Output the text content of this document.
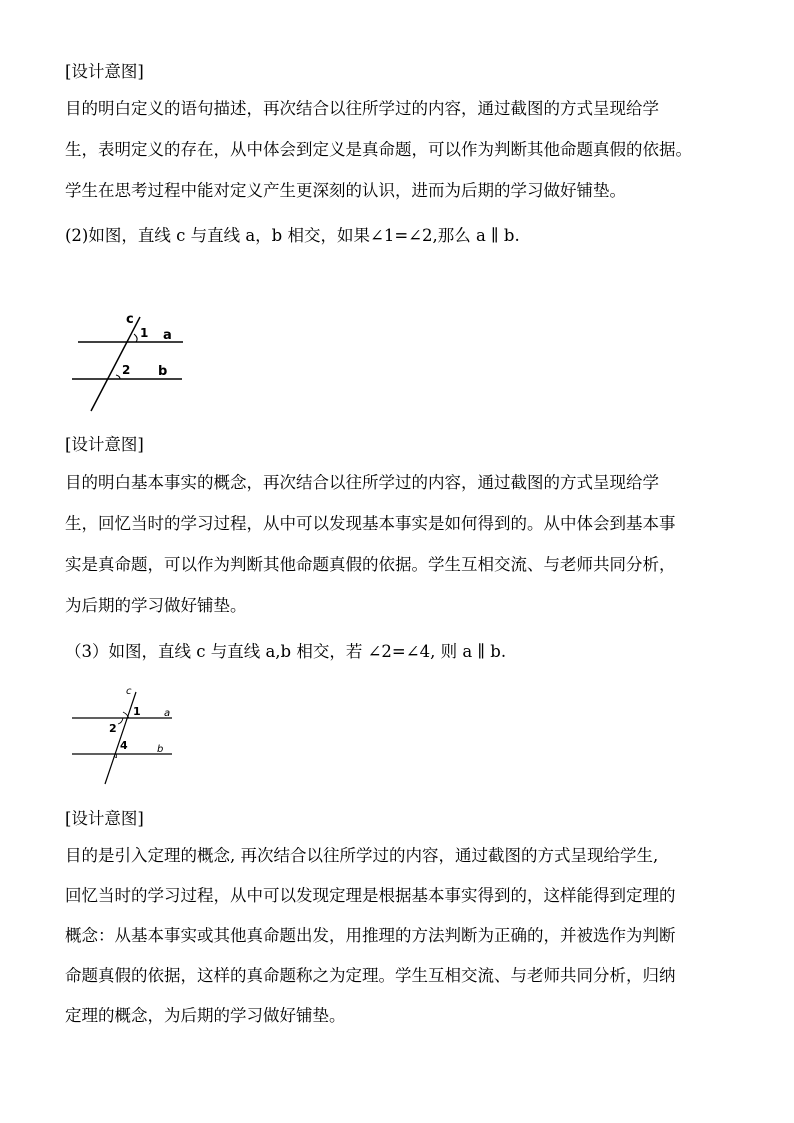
[设计意图]
目的明白定义的语句描述，再次结合以往所学过的内容，通过截图的方式呈现给学
生，表明定义的存在，从中体会到定义是真命题，可以作为判断其他命题真假的依据。
学生在思考过程中能对定义产生更深刻的认识，进而为后期的学习做好铺垫。
(2)如图，直线 c 与直线 a，b 相交，如果∠1=∠2,那么 a ∥ b.
c
1 a
2 b
[设计意图]
目的明白基本事实的概念，再次结合以往所学过的内容，通过截图的方式呈现给学
生，回忆当时的学习过程，从中可以发现基本事实是如何得到的。从中体会到基本事
实是真命题，可以作为判断其他命题真假的依据。学生互相交流、与老师共同分析，
为后期的学习做好铺垫。
（3）如图，直线 c 与直线 a,b 相交，若 ∠2=∠4, 则 a ∥ b.
c
1 a
2
4	b
[设计意图]
目的是引入定理的概念, 再次结合以往所学过的内容，通过截图的方式呈现给学生,
回忆当时的学习过程，从中可以发现定理是根据基本事实得到的，这样能得到定理的
概念：从基本事实或其他真命题出发，用推理的方法判断为正确的，并被选作为判断
命题真假的依据，这样的真命题称之为定理。学生互相交流、与老师共同分析，归纳
定理的概念，为后期的学习做好铺垫。
